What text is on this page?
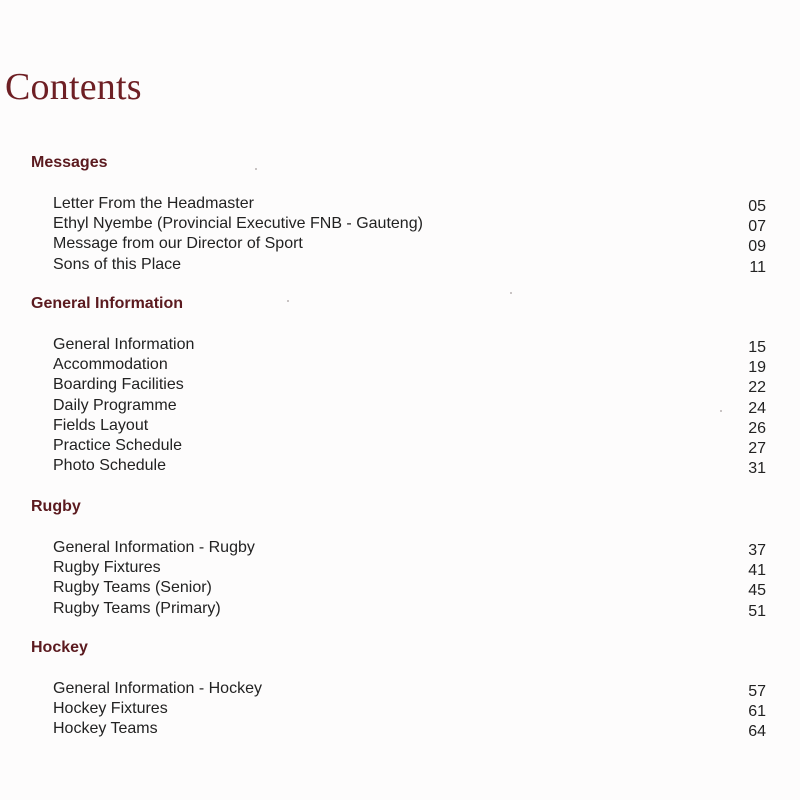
Contents
Messages
Letter From the Headmaster	05
Ethyl Nyembe (Provincial Executive FNB - Gauteng)	07
Message from our Director of Sport	09
Sons of this Place	11
General Information
General Information	15
Accommodation	19
Boarding Facilities	22
Daily Programme	24
Fields Layout	26
Practice Schedule	27
Photo Schedule	31
Rugby
General Information - Rugby	37
Rugby Fixtures	41
Rugby Teams (Senior)	45
Rugby Teams (Primary)	51
Hockey
General Information - Hockey	57
Hockey Fixtures	61
Hockey Teams	64
